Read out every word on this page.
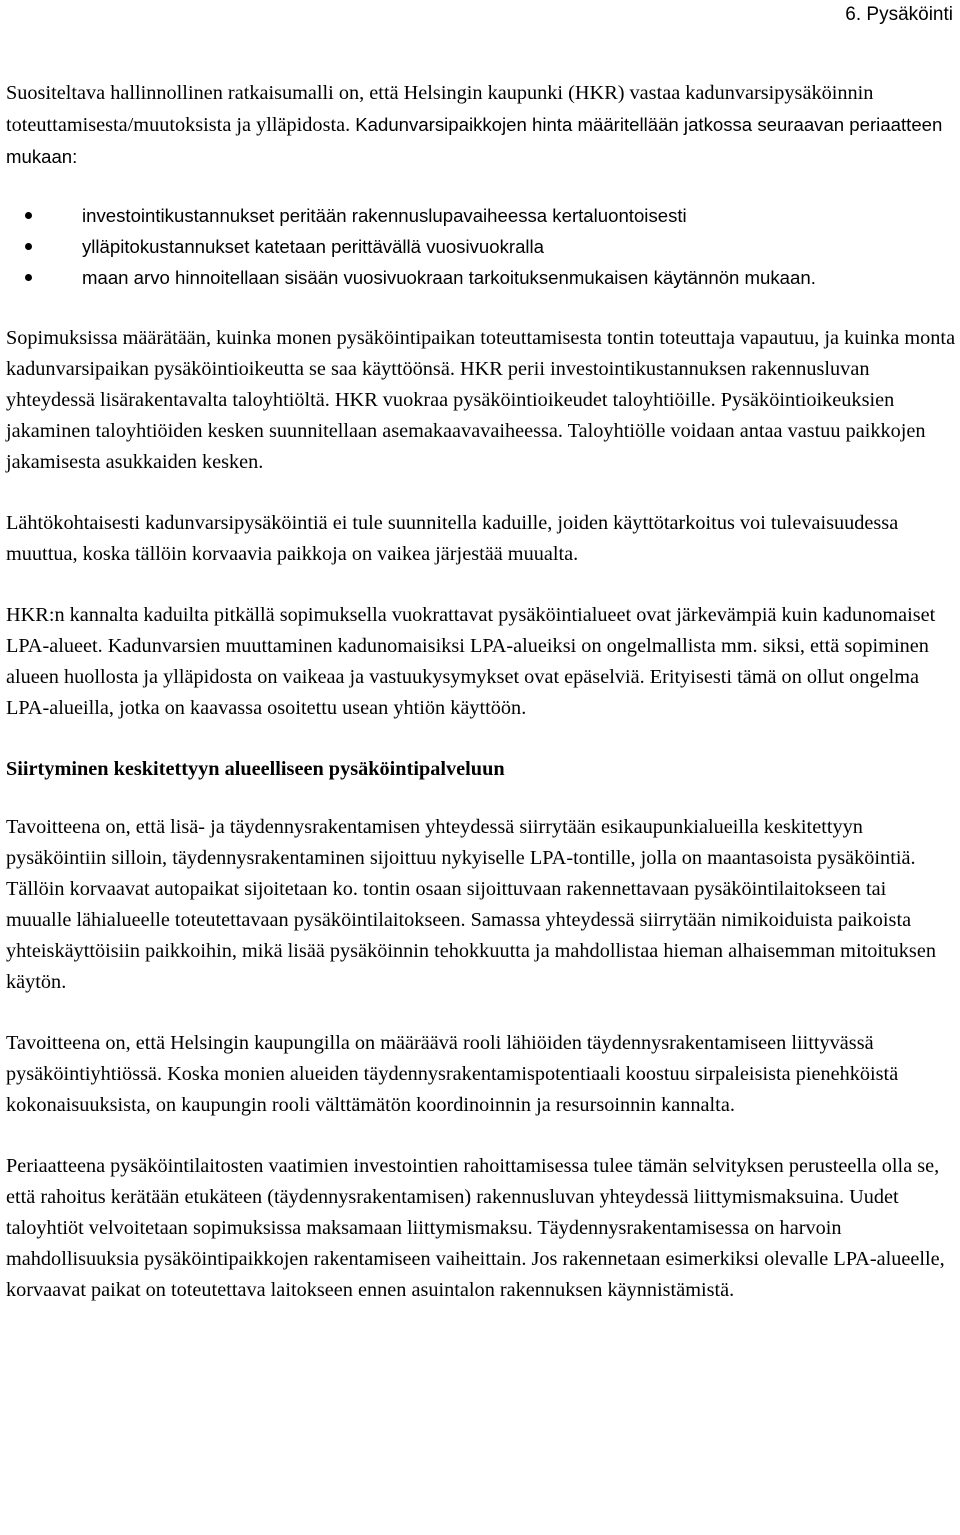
6. Pysäköinti

Suositeltava hallinnollinen ratkaisumalli on, että Helsingin kaupunki (HKR) vastaa kadunvarsipysäköinnin toteuttamisesta/muutoksista ja ylläpidosta. Kadunvarsipaikkojen hinta määritellään jatkossa seuraavan periaatteen mukaan:

investointikustannukset peritään rakennuslupavaiheessa kertaluontoisesti
ylläpitokustannukset katetaan perittävällä vuosivuokralla
maan arvo hinnoitellaan sisään vuosivuokraan tarkoituksenmukaisen käytännön mukaan.

Sopimuksissa määrätään, kuinka monen pysäköintipaikan toteuttamisesta tontin toteuttaja vapautuu, ja kuinka monta kadunvarsipaikan pysäköintioikeutta se saa käyttöönsä. HKR perii investointikustannuksen rakennusluvan yhteydessä lisärakentavalta taloyhtiöltä. HKR vuokraa pysäköintioikeudet taloyhtiöille. Pysäköintioikeuksien jakaminen taloyhtiöiden kesken suunnitellaan asemakaavavaiheessa. Taloyhtiölle voidaan antaa vastuu paikkojen jakamisesta asukkaiden kesken.

Lähtökohtaisesti kadunvarsipysäköintiä ei tule suunnitella kaduille, joiden käyttötarkoitus voi tulevaisuudessa muuttua, koska tällöin korvaavia paikkoja on vaikea järjestää muualta.

HKR:n kannalta kaduilta pitkällä sopimuksella vuokrattavat pysäköintialueet ovat järkevämpiä kuin kadunomaiset LPA-alueet. Kadunvarsien muuttaminen kadunomaisiksi LPA-alueiksi on ongelmallista mm. siksi, että sopiminen alueen huollosta ja ylläpidosta on vaikeaa ja vastuukysymykset ovat epäselviä. Erityisesti tämä on ollut ongelma LPA-alueilla, jotka on kaavassa osoitettu usean yhtiön käyttöön.

Siirtyminen keskitettyyn alueelliseen pysäköintipalveluun

Tavoitteena on, että lisä- ja täydennysrakentamisen yhteydessä siirrytään esikaupunkialueilla keskitettyyn pysäköintiin silloin, täydennysrakentaminen sijoittuu nykyiselle LPA-tontille, jolla on maantasoista pysäköintiä. Tällöin korvaavat autopaikat sijoitetaan ko. tontin osaan sijoittuvaan rakennettavaan pysäköintilaitokseen tai muualle lähialueelle toteutettavaan pysäköintilaitokseen. Samassa yhteydessä siirrytään nimikoiduista paikoista yhteiskäyttöisiin paikkoihin, mikä lisää pysäköinnin tehokkuutta ja mahdollistaa hieman alhaisemman mitoituksen käytön.

Tavoitteena on, että Helsingin kaupungilla on määräävä rooli lähiöiden täydennysrakentamiseen liittyvässä pysäköintiyhtiössä. Koska monien alueiden täydennysrakentamispotentiaali koostuu sirpaleisista pienehköistä kokonaisuuksista, on kaupungin rooli välttämätön koordinoinnin ja resursoinnin kannalta.

Periaatteena pysäköintilaitosten vaatimien investointien rahoittamisessa tulee tämän selvityksen perusteella olla se, että rahoitus kerätään etukäteen (täydennysrakentamisen) rakennusluvan yhteydessä liittymismaksuina. Uudet taloyhtiöt velvoitetaan sopimuksissa maksamaan liittymismaksu. Täydennysrakentamisessa on harvoin mahdollisuuksia pysäköintipaikkojen rakentamiseen vaiheittain. Jos rakennetaan esimerkiksi olevalle LPA-alueelle, korvaavat paikat on toteutettava laitokseen ennen asuintalon rakennuksen käynnistämistä.
